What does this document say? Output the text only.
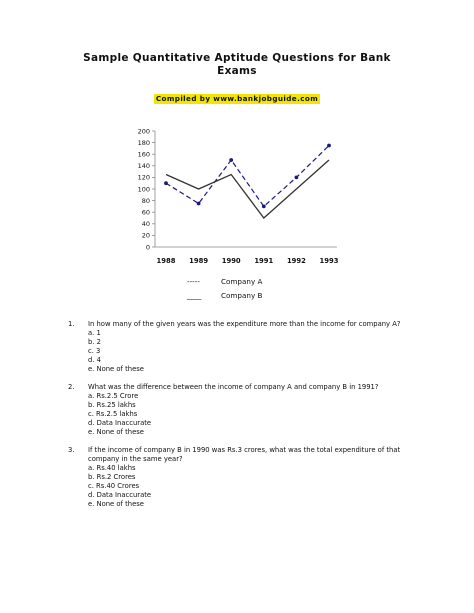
Sample Quantitative Aptitude Questions for Bank
Exams
Compiled by www.bankjobguide.com
0
20
40
60
80
100
120
140
160
180
200
1988 1989 1990 1991 1992 1993
-----	Company A
____	Company B
1. In how many of the given years was the expenditure more than the income for company A?
a. 1
b. 2
c. 3
d. 4
e. None of these
2. What was the difference between the income of company A and company B in 1991?
a. Rs.2.5 Crore
b. Rs.25 lakhs
c. Rs.2.5 lakhs
d. Data Inaccurate
e. None of these
3. If the income of company B in 1990 was Rs.3 crores, what was the total expenditure of that company in the same year?
a. Rs.40 lakhs
b. Rs.2 Crores
c. Rs.40 Crores
d. Data Inaccurate
e. None of these
